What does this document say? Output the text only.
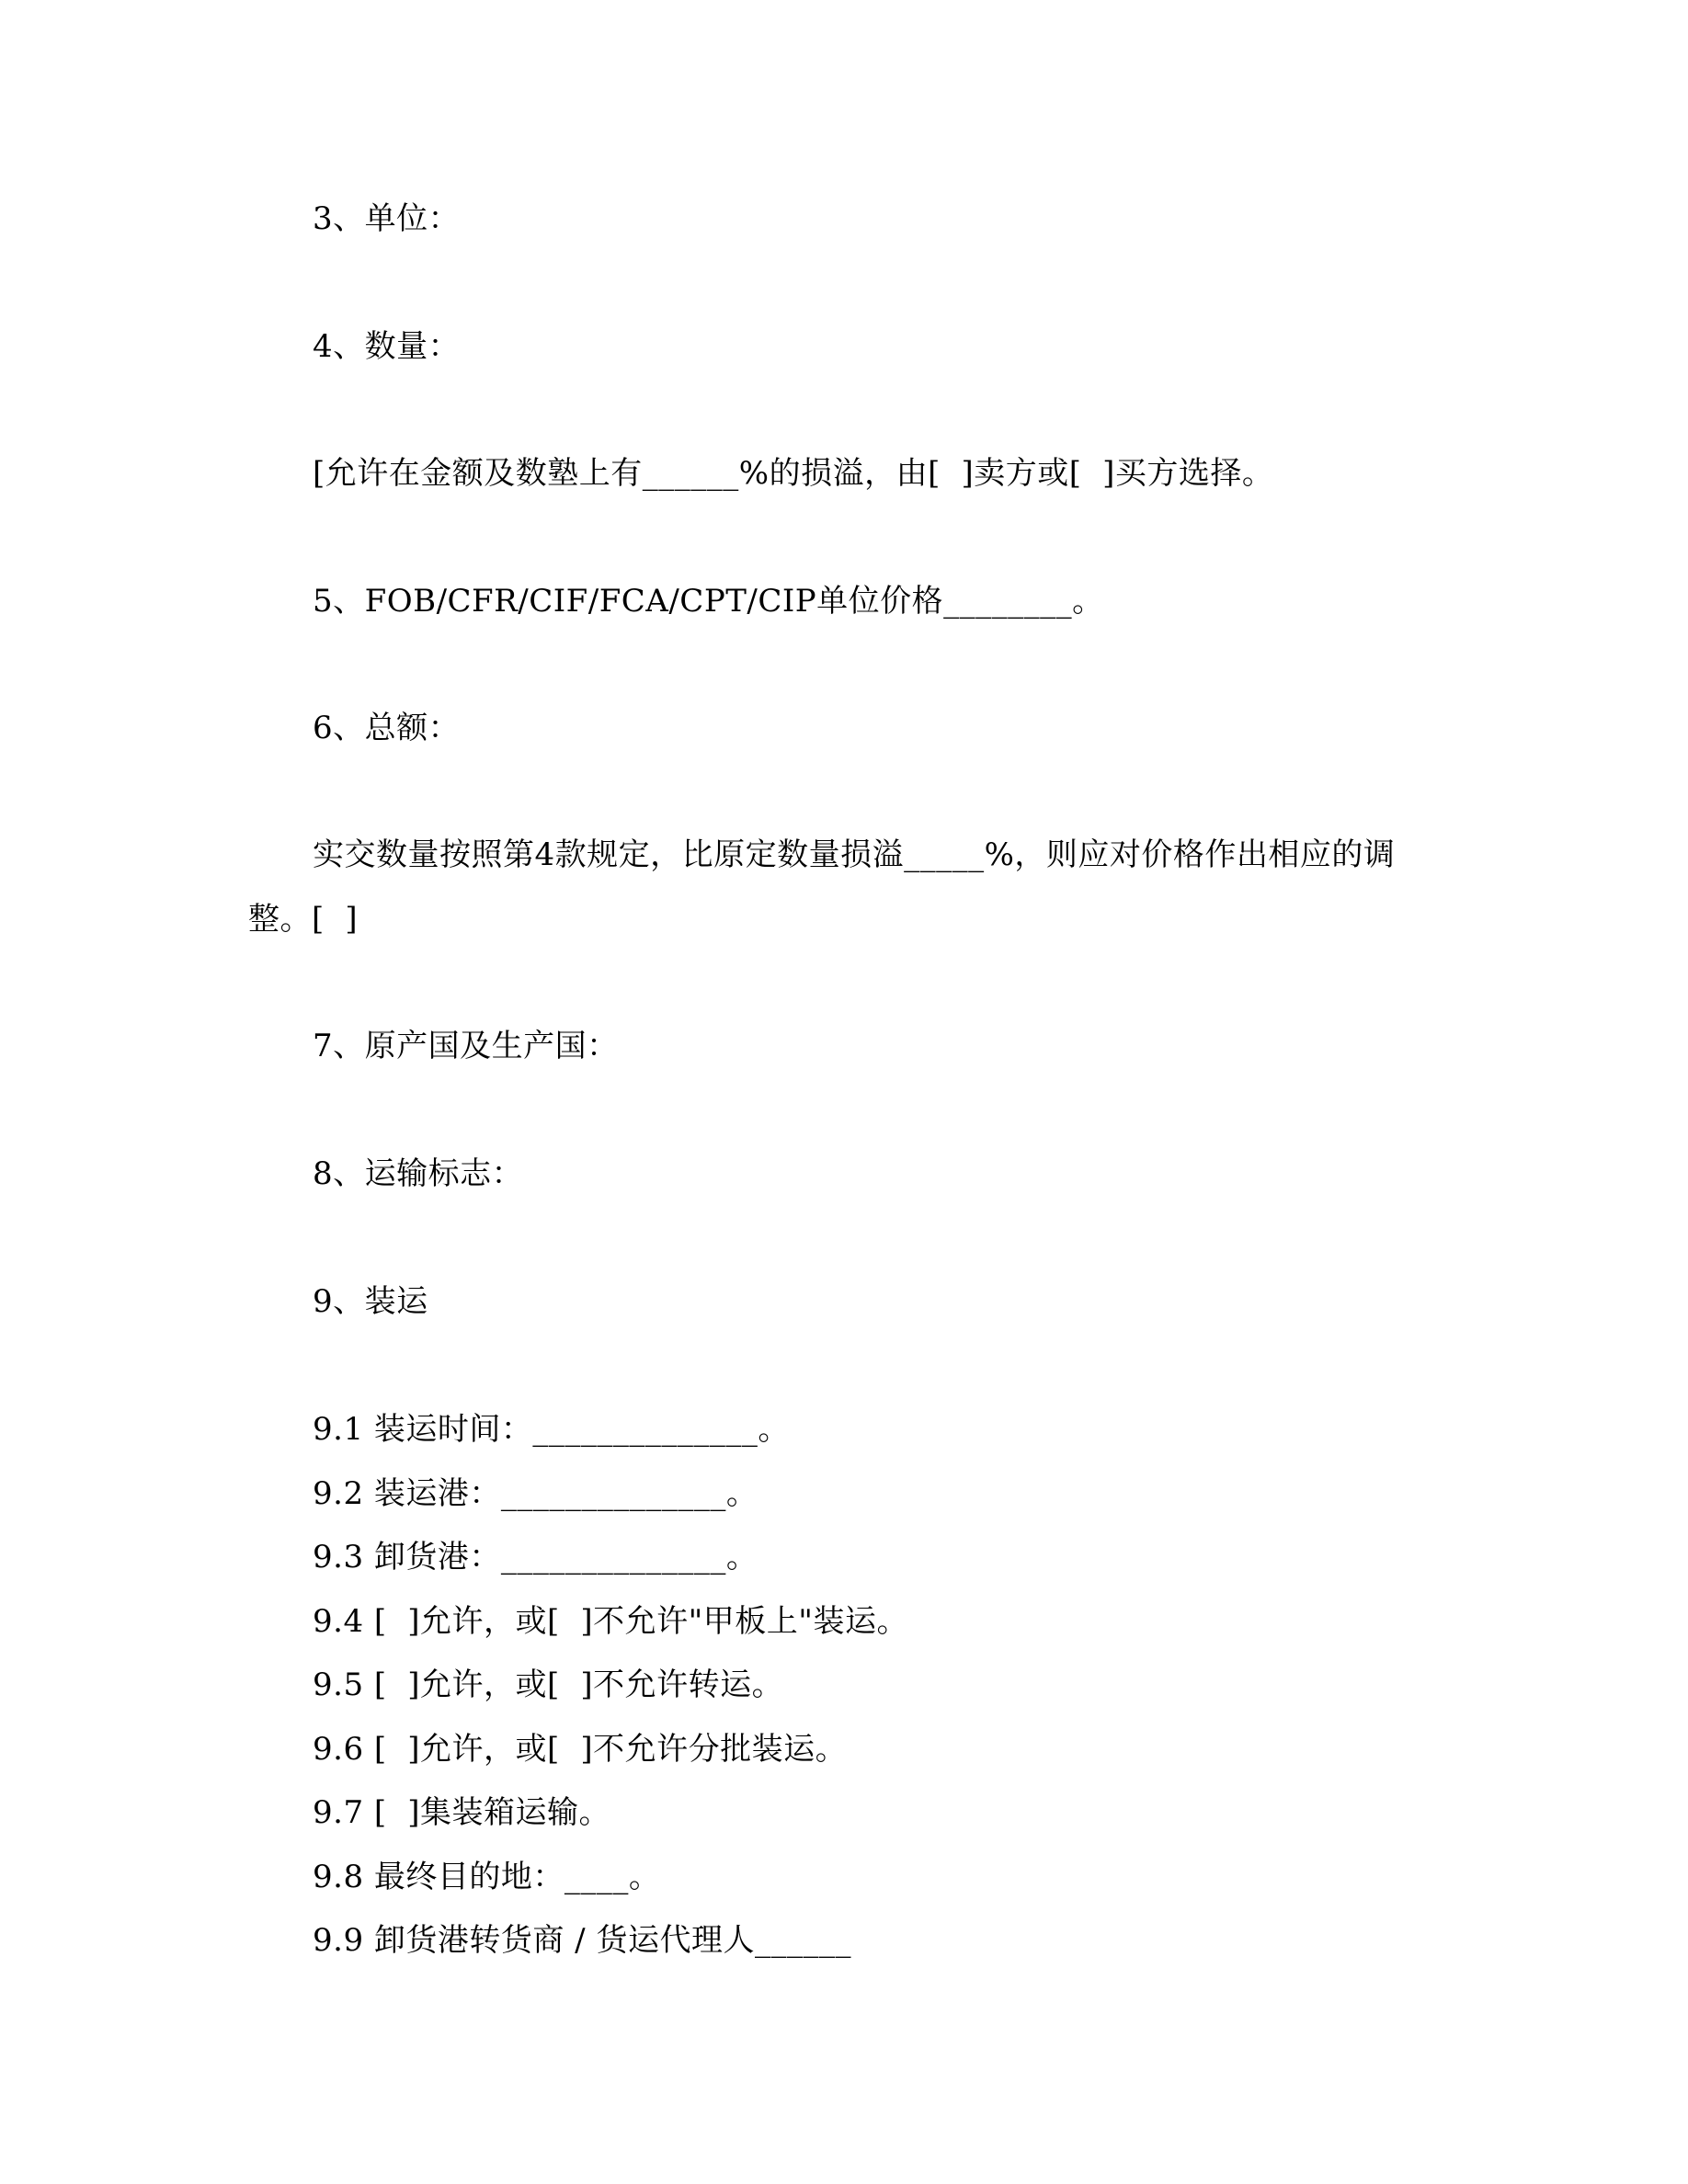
3、单位：
4、数量：
[允许在金额及数塾上有______%的损溢，由[  ]卖方或[  ]买方选择。
5、FOB/CFR/CIF/FCA/CPT/CIP单位价格________。
6、总额：
实交数量按照第4款规定，比原定数量损溢_____%，则应对价格作出相应的调
整。[  ]
7、原产国及生产国：
8、运输标志：
9、装运
9.1 装运时间：______________。
9.2 装运港：______________。
9.3 卸货港：______________。
9.4 [  ]允许，或[  ]不允许"甲板上"装运。
9.5 [  ]允许，或[  ]不允许转运。
9.6 [  ]允许，或[  ]不允许分批装运。
9.7 [  ]集装箱运输。
9.8 最终目的地：____。
9.9 卸货港转货商 / 货运代理人______
